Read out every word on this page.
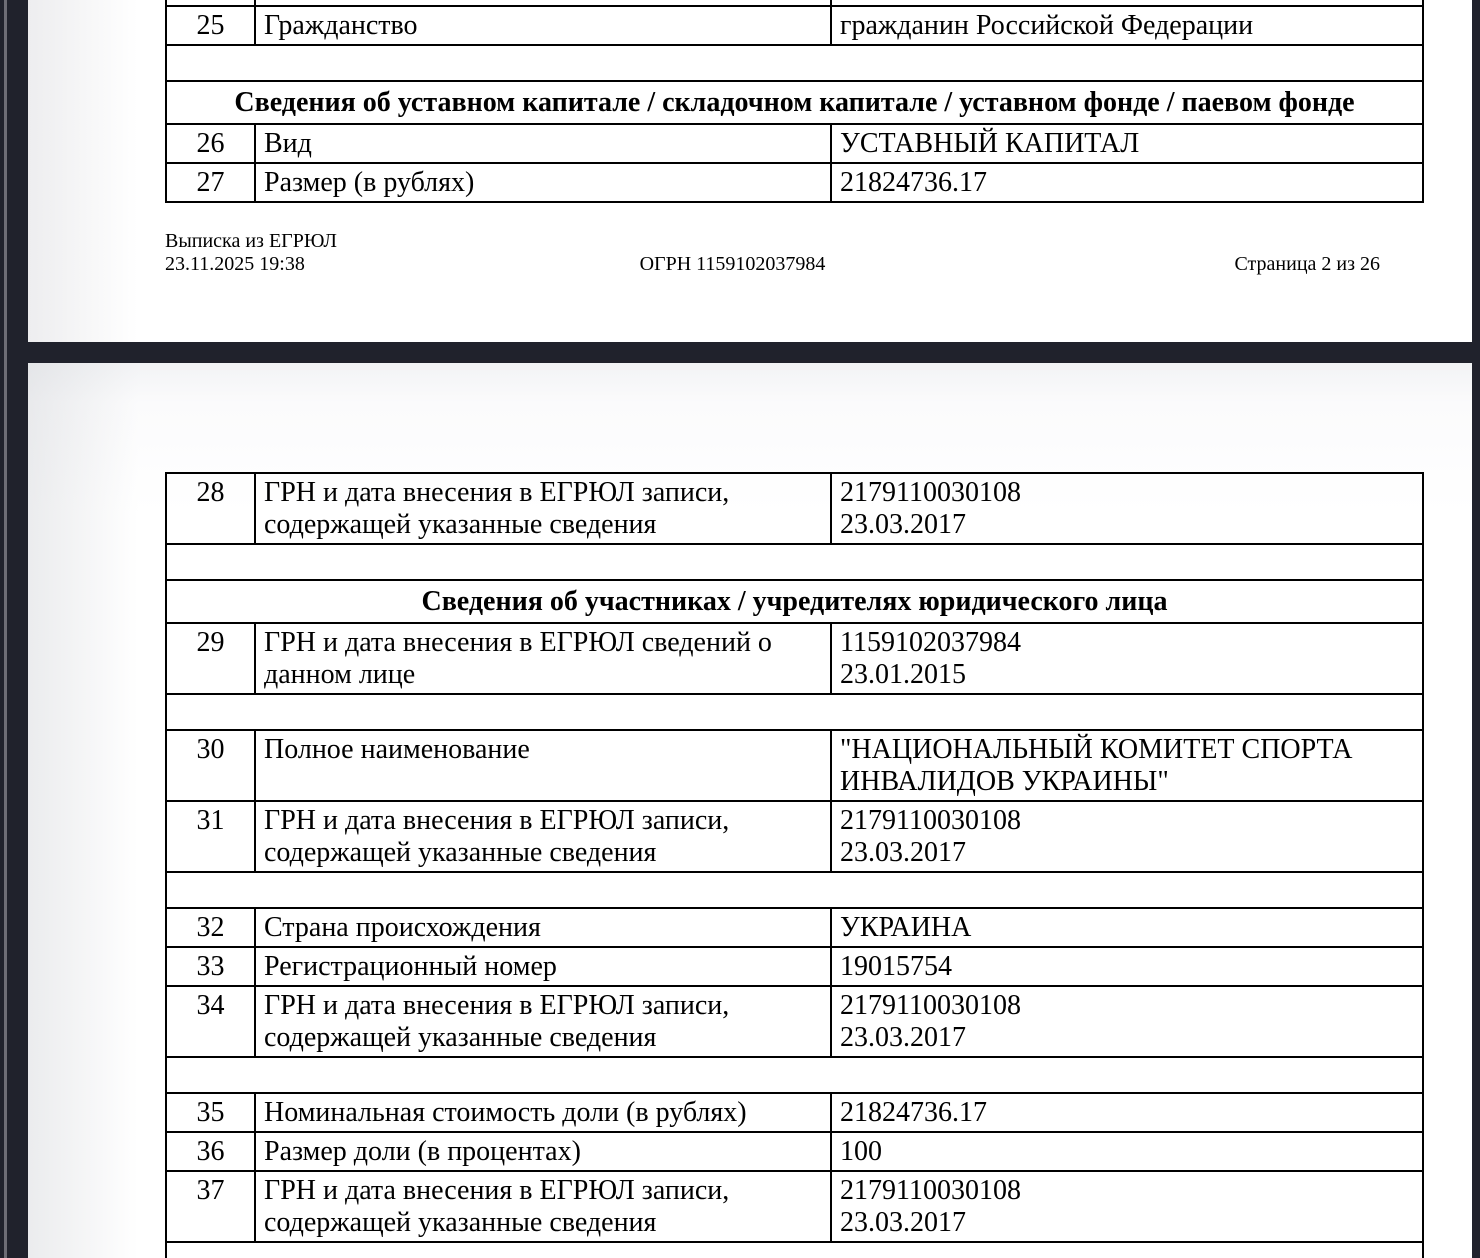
25	Гражданство	гражданин Российской Федерации

Сведения об уставном капитале / складочном капитале / уставном фонде / паевом фонде		
26	Вид	УСТАВНЫЙ КАПИТАЛ

27	Размер (в рублях)	21824736.17
Выписка из ЕГРЮЛ
23.11.2025 19:38	ОГРН 1159102037984	Страница 2 из 26
28	ГРН и дата внесения в ЕГРЮЛ записи,
содержащей указанные сведения

2179110030108
23.03.2017

Сведения об участниках / учредителях юридического лица		
29	ГРН и дата внесения в ЕГРЮЛ сведений о
данном лице

1159102037984
23.01.2015

30	Полное наименование	"НАЦИОНАЛЬНЫЙ КОМИТЕТ СПОРТА
ИНВАЛИДОВ УКРАИНЫ"

31	ГРН и дата внесения в ЕГРЮЛ записи,
содержащей указанные сведения

2179110030108
23.03.2017

32	Страна происхождения	УКРАИНА

33	Регистрационный номер	19015754

34	ГРН и дата внесения в ЕГРЮЛ записи,
содержащей указанные сведения

2179110030108
23.03.2017

35	Номинальная стоимость доли (в рублях)	21824736.17

36	Размер доли (в процентах)	100

37	ГРН и дата внесения в ЕГРЮЛ записи,
содержащей указанные сведения

2179110030108
23.03.2017
